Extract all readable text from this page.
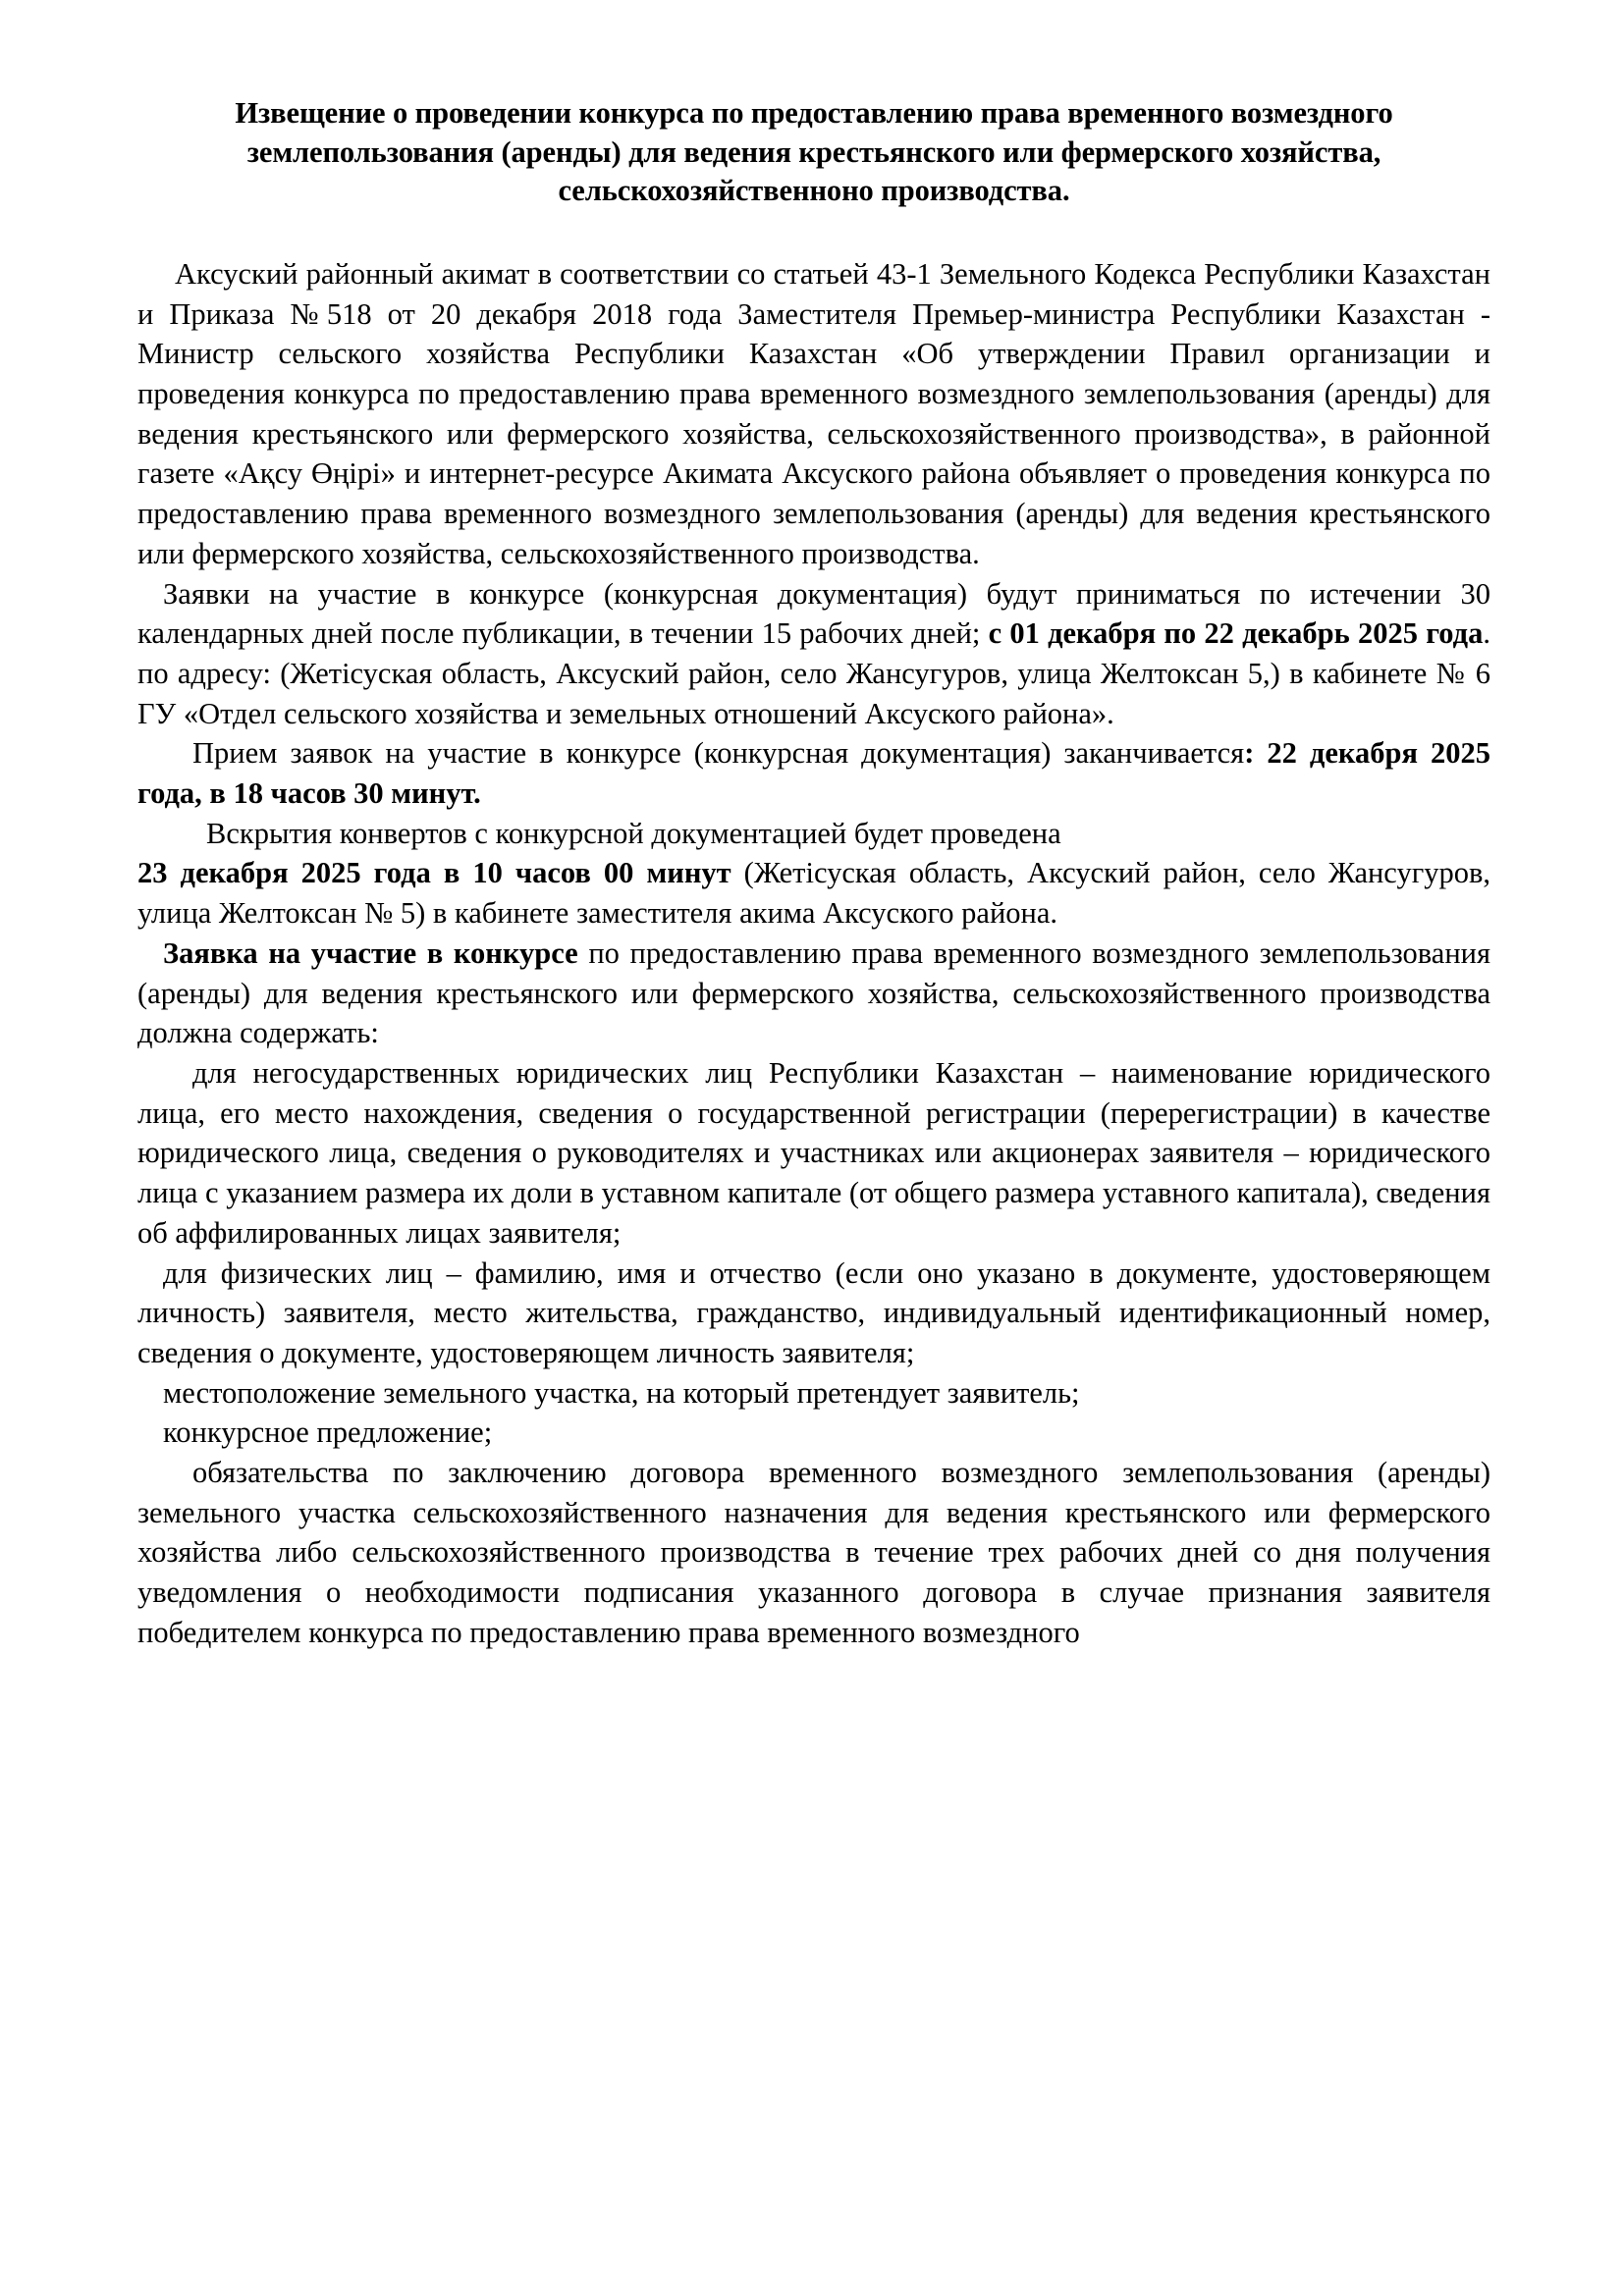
Извещение о проведении конкурса по предоставлению права временного возмездного землепользования (аренды) для ведения крестьянского или фермерского хозяйства, сельскохозяйственноно производства.

Аксуский районный акимат в соответствии со статьей 43-1 Земельного Кодекса Республики Казахстан и Приказа №518 от 20 декабря 2018 года Заместителя Премьер-министра Республики Казахстан - Министр сельского хозяйства Республики Казахстан «Об утверждении Правил организации и проведения конкурса по предоставлению права временного возмездного землепользования (аренды) для ведения крестьянского или фермерского хозяйства, сельскохозяйственного производства», в районной газете «Ақсу Өңірі» и интернет-ресурсе Акимата Аксуского района объявляет о проведения конкурса по предоставлению права временного возмездного землепользования (аренды) для ведения крестьянского или фермерского хозяйства, сельскохозяйственного производства.

Заявки на участие в конкурсе (конкурсная документация) будут приниматься по истечении 30 календарных дней после публикации, в течении 15 рабочих дней; с 01 декабря по 22 декабрь 2025 года. по адресу: (Жетісуская область, Аксуский район, село Жансугуров, улица Желтоксан 5,) в кабинете № 6 ГУ «Отдел сельского хозяйства и земельных отношений Аксуского района».

Прием заявок на участие в конкурсе (конкурсная документация) заканчивается: 22 декабря 2025 года, в 18 часов 30 минут.

Вскрытия конвертов с конкурсной документацией будет проведена
23 декабря 2025 года в 10 часов 00 минут (Жетісуская область, Аксуский район, село Жансугуров, улица Желтоксан № 5) в кабинете заместителя акима Аксуского района.

Заявка на участие в конкурсе по предоставлению права временного возмездного землепользования (аренды) для ведения крестьянского или фермерского хозяйства, сельскохозяйственного производства должна содержать:

для негосударственных юридических лиц Республики Казахстан – наименование юридического лица, его место нахождения, сведения о государственной регистрации (перерегистрации) в качестве юридического лица, сведения о руководителях и участниках или акционерах заявителя – юридического лица с указанием размера их доли в уставном капитале (от общего размера уставного капитала), сведения об аффилированных лицах заявителя;

для физических лиц – фамилию, имя и отчество (если оно указано в документе, удостоверяющем личность) заявителя, место жительства, гражданство, индивидуальный идентификационный номер, сведения о документе, удостоверяющем личность заявителя;

местоположение земельного участка, на который претендует заявитель;

конкурсное предложение;

обязательства по заключению договора временного возмездного землепользования (аренды) земельного участка сельскохозяйственного назначения для ведения крестьянского или фермерского хозяйства либо сельскохозяйственного производства в течение трех рабочих дней со дня получения уведомления о необходимости подписания указанного договора в случае признания заявителя победителем конкурса по предоставлению права временного возмездного
